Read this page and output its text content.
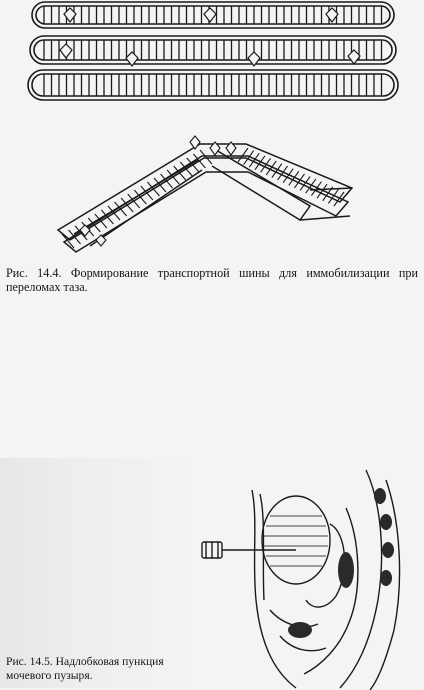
Рис. 14.4. Формирование транспортной шины для иммобилизации при
переломах таза.
Рис. 14.5. Надлобковая пункция
мочевого пузыря.
